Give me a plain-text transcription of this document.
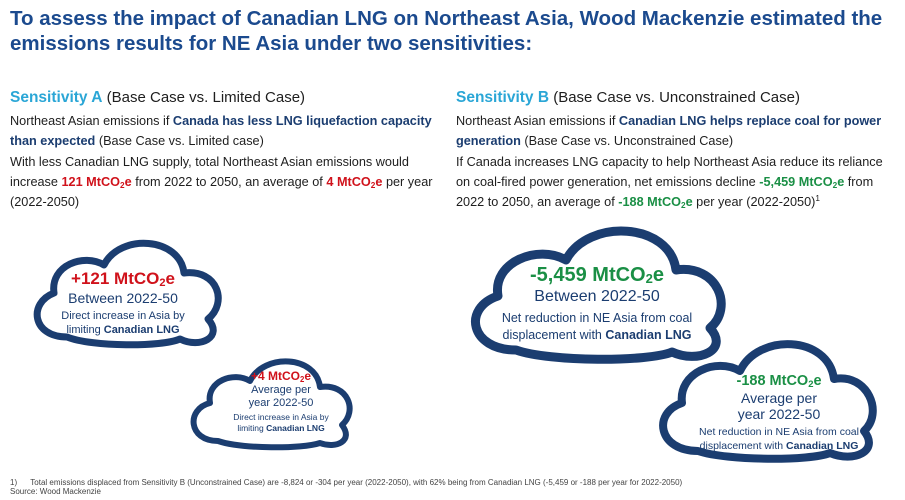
To assess the impact of Canadian LNG on Northeast Asia, Wood Mackenzie estimated the emissions results for NE Asia under two sensitivities:
Sensitivity A (Base Case vs. Limited Case)

Northeast Asian emissions if Canada has less LNG liquefaction capacity than expected (Base Case vs. Limited case)

With less Canadian LNG supply, total Northeast Asian emissions would increase 121 MtCO$_2$e from 2022 to 2050, an average of 4 MtCO$_2$e per year (2022-2050)

Sensitivity B (Base Case vs. Unconstrained Case)

Northeast Asian emissions if Canadian LNG helps replace coal for power generation (Base Case vs. Unconstrained Case)

If Canada increases LNG capacity to help Northeast Asia reduce its reliance on coal-fired power generation, net emissions decline -5,459 MtCO$_2$e from 2022 to 2050, an average of -188 MtCO$_2$e per year (2022-2050)$^1$

+121 MtCO$_2$e
Between 2022-50
Direct increase in Asia by
limiting Canadian LNG
+4 MtCO$_2$e
Average per
year 2022-50
Direct increase in Asia by
limiting Canadian LNG
-5,459 MtCO$_2$e
Between 2022-50
Net reduction in NE Asia from coal
displacement with Canadian LNG
-188 MtCO$_2$e
Average per
year 2022-50
Net reduction in NE Asia from coal
displacement with Canadian LNG
1)      Total emissions displaced from Sensitivity B (Unconstrained Case) are -8,824 or -304 per year (2022-2050), with 62% being from Canadian LNG (-5,459 or -188 per year for 2022-2050)
Source: Wood Mackenzie
